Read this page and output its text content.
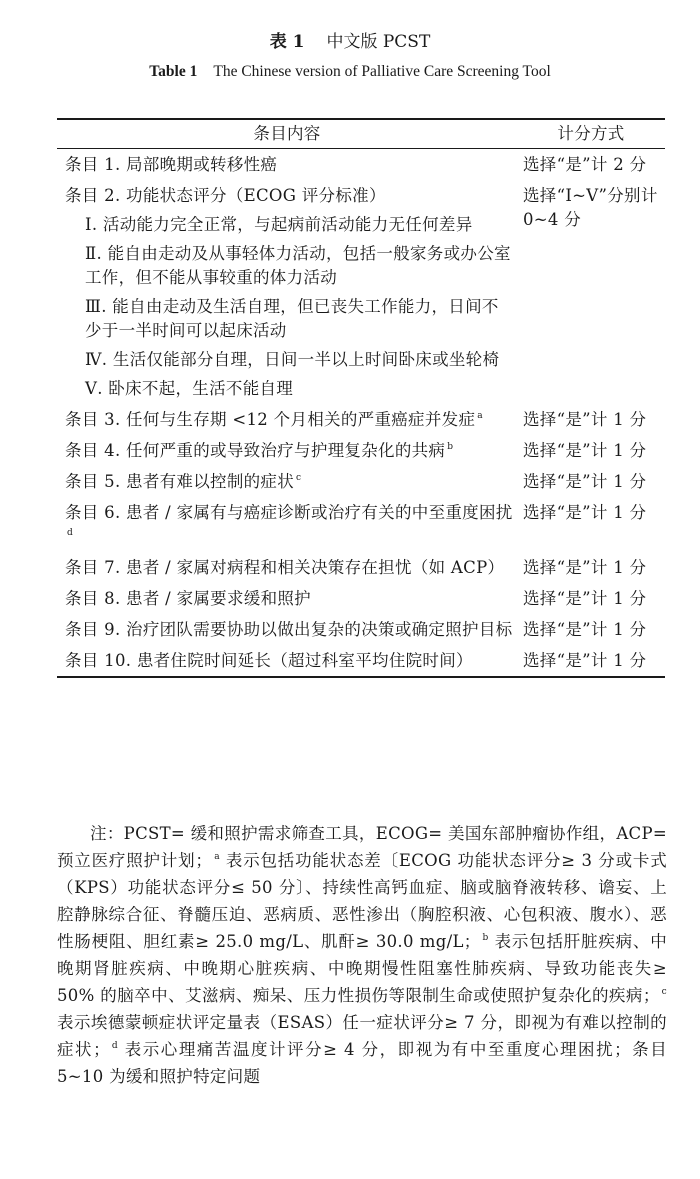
表 1 中文版 PCST
Table 1 The Chinese version of Palliative Care Screening Tool
条目内容	计分方式
条目 1. 局部晚期或转移性癌	选择“是”计 2 分
条目 2. 功能状态评分（ECOG 评分标准）	选择“Ⅰ~Ⅴ”分别计 0~4 分
Ⅰ. 活动能力完全正常，与起病前活动能力无任何差异	
Ⅱ. 能自由走动及从事轻体力活动，包括一般家务或办公室工作，但不能从事较重的体力活动	
Ⅲ. 能自由走动及生活自理，但已丧失工作能力，日间不少于一半时间可以起床活动	
Ⅳ. 生活仅能部分自理，日间一半以上时间卧床或坐轮椅	
Ⅴ. 卧床不起，生活不能自理	
条目 3. 任何与生存期 <12 个月相关的严重癌症并发症 $^a$	选择“是”计 1 分
条目 4. 任何严重的或导致治疗与护理复杂化的共病 $^b$	选择“是”计 1 分
条目 5. 患者有难以控制的症状 $^c$	选择“是”计 1 分
条目 6. 患者 / 家属有与癌症诊断或治疗有关的中至重度困扰$^d$	选择“是”计 1 分
条目 7. 患者 / 家属对病程和相关决策存在担忧（如 ACP）	选择“是”计 1 分
条目 8. 患者 / 家属要求缓和照护	选择“是”计 1 分
条目 9. 治疗团队需要协助以做出复杂的决策或确定照护目标	选择“是”计 1 分
条目 10. 患者住院时间延长（超过科室平均住院时间）	选择“是”计 1 分
注：PCST= 缓和照护需求筛查工具，ECOG= 美国东部肿瘤协作组，ACP= 预立医疗照护计划； $^a$ 表示包括功能状态差〔ECOG 功能状态评分≥ 3 分或卡式（KPS）功能状态评分≤ 50 分〕、持续性高钙血症、脑或脑脊液转移、谵妄、上腔静脉综合征、脊髓压迫、恶病质、恶性渗出（胸腔积液、心包积液、腹水）、恶性肠梗阻、胆红素≥ 25.0 mg/L、肌酐≥ 30.0 mg/L； $^b$ 表示包括肝脏疾病、中晚期肾脏疾病、中晚期心脏疾病、中晚期慢性阻塞性肺疾病、导致功能丧失≥ 50% 的脑卒中、艾滋病、痴呆、压力性损伤等限制生命或使照护复杂化的疾病； $^c$ 表示埃德蒙顿症状评定量表（ESAS）任一症状评分≥ 7 分，即视为有难以控制的症状； $^d$ 表示心理痛苦温度计评分≥ 4 分，即视为有中至重度心理困扰；条目 5~10 为缓和照护特定问题
